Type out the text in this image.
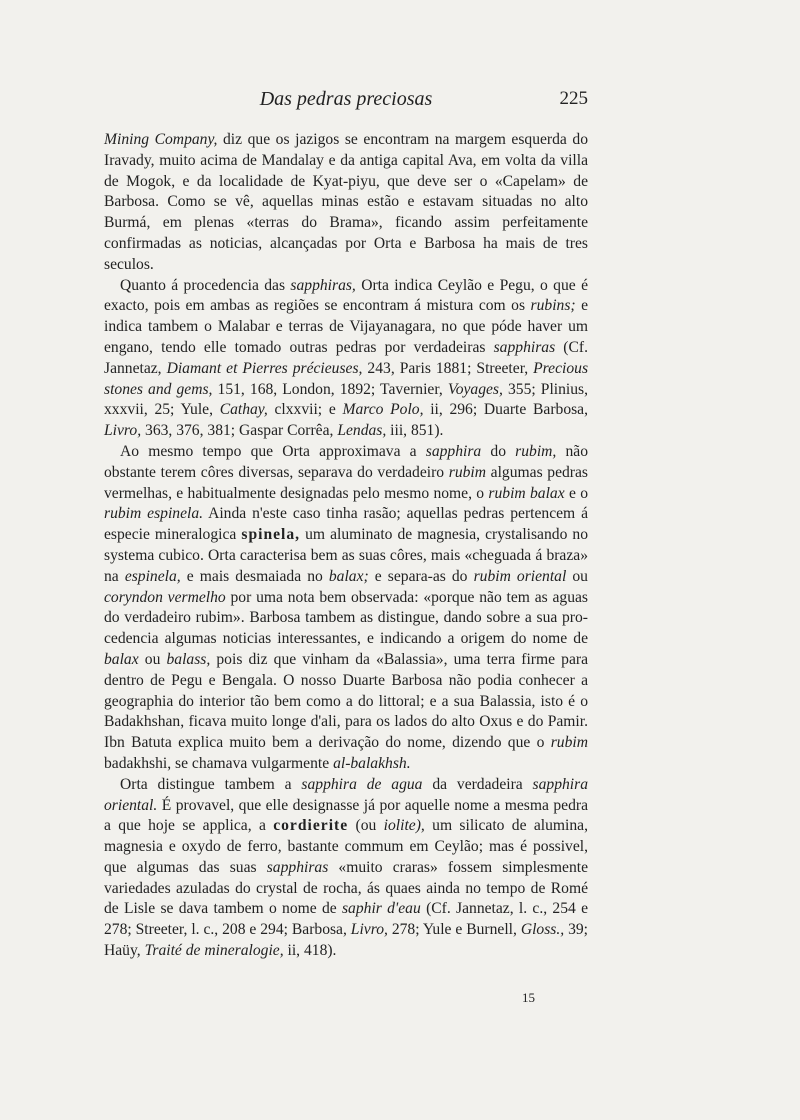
Das pedras preciosas	225

Mining Company, diz que os jazigos se encontram na margem esquerda do Iravady, muito acima de Mandalay e da antiga capital Ava, em volta da villa de Mogok, e da localidade de Kyat-piyu, que deve ser o «Capelam» de Barbosa. Como se vê, aquellas minas estão e estavam situadas no alto Burmá, em plenas «terras do Brama», ficando assim perfeitamente confirmadas as noticias, alcançadas por Orta e Barbosa ha mais de tres seculos.

Quanto á procedencia das sapphiras, Orta indica Ceylão e Pegu, o que é exacto, pois em ambas as regiões se encontram á mistura com os rubins; e indica tambem o Malabar e terras de Vijayanagara, no que póde haver um engano, tendo elle tomado outras pedras por verdadeiras sapphiras (Cf. Jannetaz, Diamant et Pierres précieuses, 243, Paris 1881; Streeter, Precious stones and gems, 151, 168, London, 1892; Tavernier, Voyages, 355; Plinius, xxxvii, 25; Yule, Cathay, clxxvii; e Marco Polo, ii, 296; Duarte Barbosa, Livro, 363, 376, 381; Gaspar Corrêa, Lendas, iii, 851).

Ao mesmo tempo que Orta approximava a sapphira do rubim, não obstante terem côres diversas, separava do verdadeiro rubim algumas pedras vermelhas, e habitualmente designadas pelo mesmo nome, o rubim balax e o rubim espinela. Ainda n'este caso tinha rasão; aquellas pedras pertencem á especie mineralogica spinela, um aluminato de magnesia, crystalisando no systema cubico. Orta caracterisa bem as suas côres, mais «cheguada á braza» na espinela, e mais desmaiada no balax; e separa-as do rubim oriental ou coryndon vermelho por uma nota bem observada: «porque não tem as aguas do verdadeiro rubim». Barbosa tambem as distingue, dando sobre a sua procedencia algumas noticias interessantes, e indicando a origem do nome de balax ou balass, pois diz que vinham da «Balassia», uma terra firme para dentro de Pegu e Bengala. O nosso Duarte Barbosa não podia conhecer a geographia do interior tão bem como a do littoral; e a sua Balassia, isto é o Badakhshan, ficava muito longe d'ali, para os lados do alto Oxus e do Pamir. Ibn Batuta explica muito bem a derivação do nome, dizendo que o rubim badakhshi, se chamava vulgarmente al-balakhsh.

Orta distingue tambem a sapphira de agua da verdadeira sapphira oriental. É provavel, que elle designasse já por aquelle nome a mesma pedra a que hoje se applica, a cordierite (ou iolite), um silicato de alumina, magnesia e oxydo de ferro, bastante commum em Ceylão; mas é possivel, que algumas das suas sapphiras «muito craras» fossem simplesmente variedades azuladas do crystal de rocha, ás quaes ainda no tempo de Romé de Lisle se dava tambem o nome de saphir d'eau (Cf. Jannetaz, l. c., 254 e 278; Streeter, l. c., 208 e 294; Barbosa, Livro, 278; Yule e Burnell, Gloss., 39; Haüy, Traité de mineralogie, ii, 418).

15
